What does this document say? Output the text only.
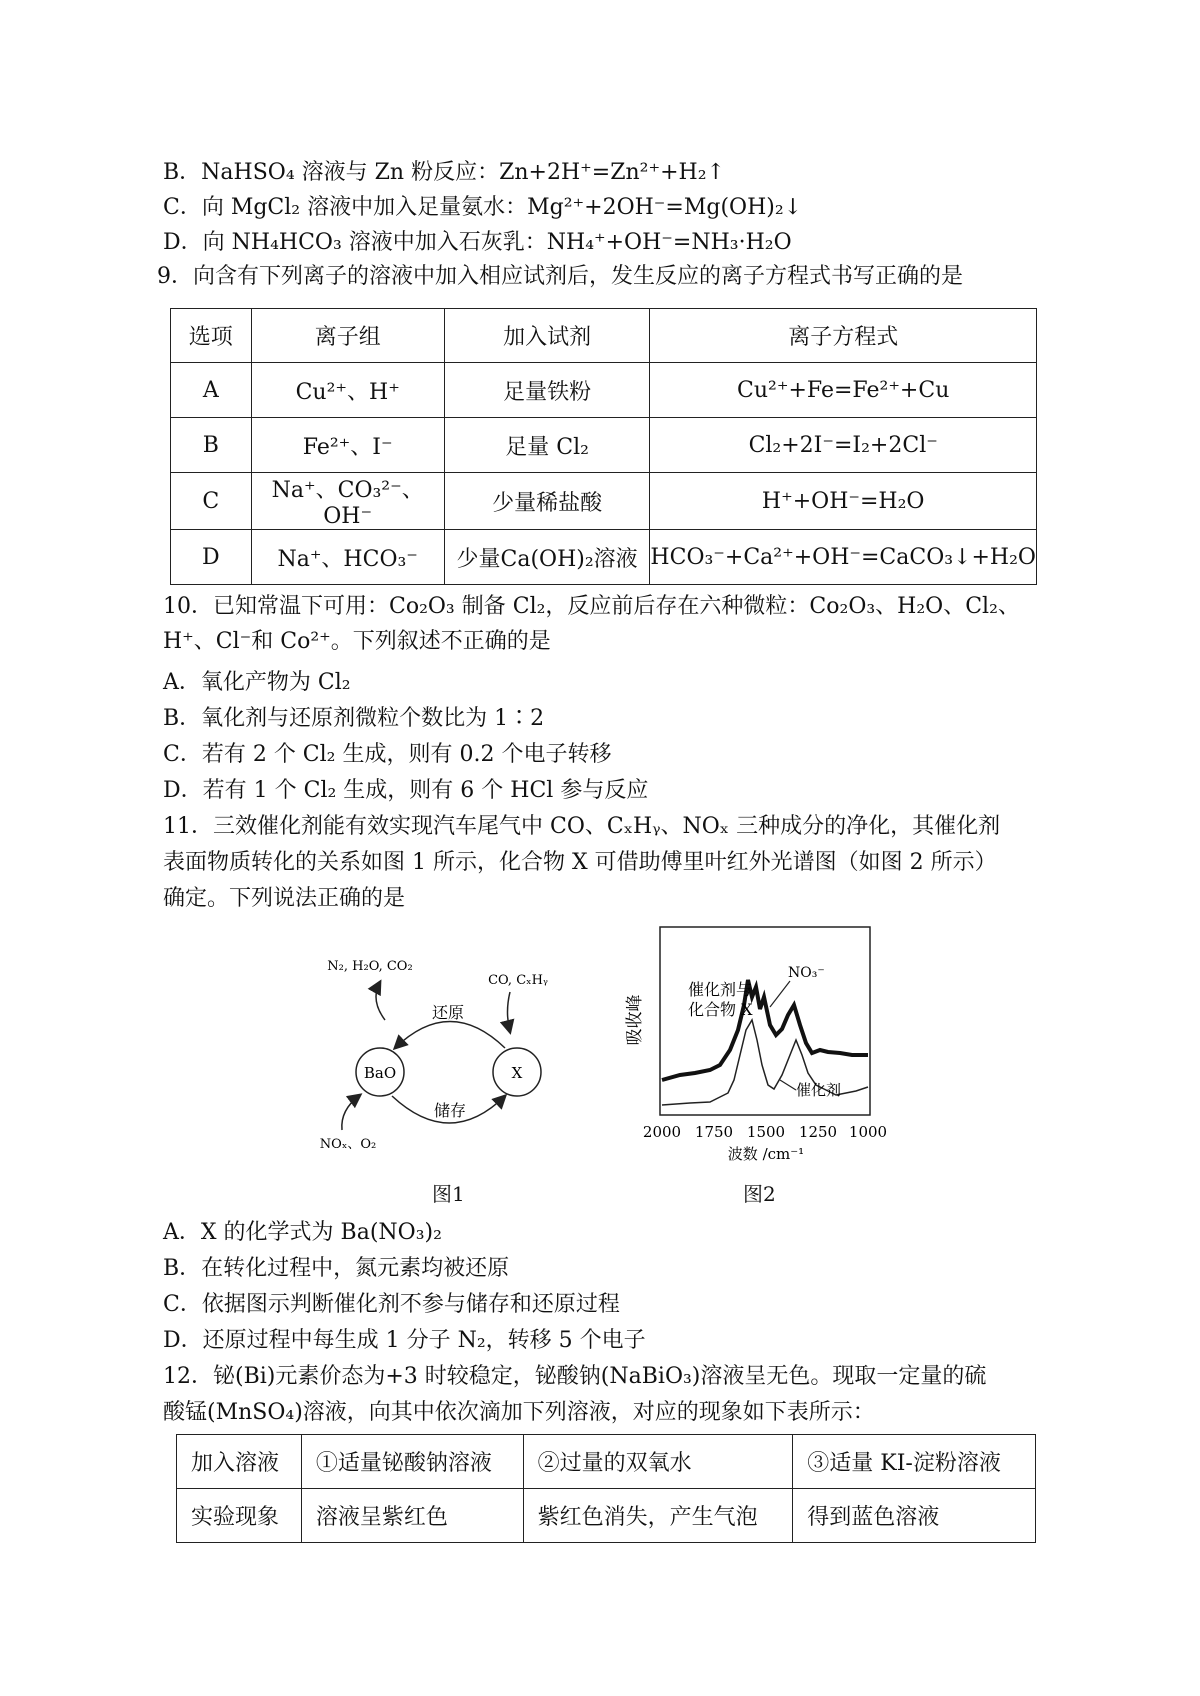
B．NaHSO₄ 溶液与 Zn 粉反应：Zn+2H⁺=Zn²⁺+H₂↑
C．向 MgCl₂ 溶液中加入足量氨水：Mg²⁺+2OH⁻=Mg(OH)₂↓
D．向 NH₄HCO₃ 溶液中加入石灰乳：NH₄⁺+OH⁻=NH₃·H₂O
9．向含有下列离子的溶液中加入相应试剂后，发生反应的离子方程式书写正确的是
选项	离子组	加入试剂	离子方程式
A	Cu²⁺、H⁺	足量铁粉	Cu²⁺+Fe=Fe²⁺+Cu
B	Fe²⁺、I⁻	足量 Cl₂	Cl₂+2I⁻=I₂+2Cl⁻
C	Na⁺、CO₃²⁻、OH⁻	少量稀盐酸	H⁺+OH⁻=H₂O
D	Na⁺、HCO₃⁻	少量Ca(OH)₂溶液	HCO₃⁻+Ca²⁺+OH⁻=CaCO₃↓+H₂O
10．已知常温下可用：Co₂O₃ 制备 Cl₂，反应前后存在六种微粒：Co₂O₃、H₂O、Cl₂、
H⁺、Cl⁻和 Co²⁺。下列叙述不正确的是
A．氧化产物为 Cl₂
B．氧化剂与还原剂微粒个数比为 1∶2
C．若有 2 个 Cl₂ 生成，则有 0.2 个电子转移
D．若有 1 个 Cl₂ 生成，则有 6 个 HCl 参与反应
11．三效催化剂能有效实现汽车尾气中 CO、CₓHᵧ、NOₓ 三种成分的净化，其催化剂
表面物质转化的关系如图 1 所示，化合物 X 可借助傅里叶红外光谱图（如图 2 所示）
确定。下列说法正确的是
BaO	X
还原
储存
N₂, H₂O, CO₂
CO, CₓHᵧ
NOₓ、O₂
图1
吸收峰
催化剂与
化合物 X
NO₃⁻
催化剂
2000 1750 1500 1250 1000
波数 /cm⁻¹
图2
A．X 的化学式为 Ba(NO₃)₂
B．在转化过程中，氮元素均被还原
C．依据图示判断催化剂不参与储存和还原过程
D．还原过程中每生成 1 分子 N₂，转移 5 个电子
12．铋(Bi)元素价态为+3 时较稳定，铋酸钠(NaBiO₃)溶液呈无色。现取一定量的硫
酸锰(MnSO₄)溶液，向其中依次滴加下列溶液，对应的现象如下表所示：
加入溶液	①适量铋酸钠溶液	②过量的双氧水	③适量 KI-淀粉溶液
实验现象	溶液呈紫红色	紫红色消失，产生气泡	得到蓝色溶液
